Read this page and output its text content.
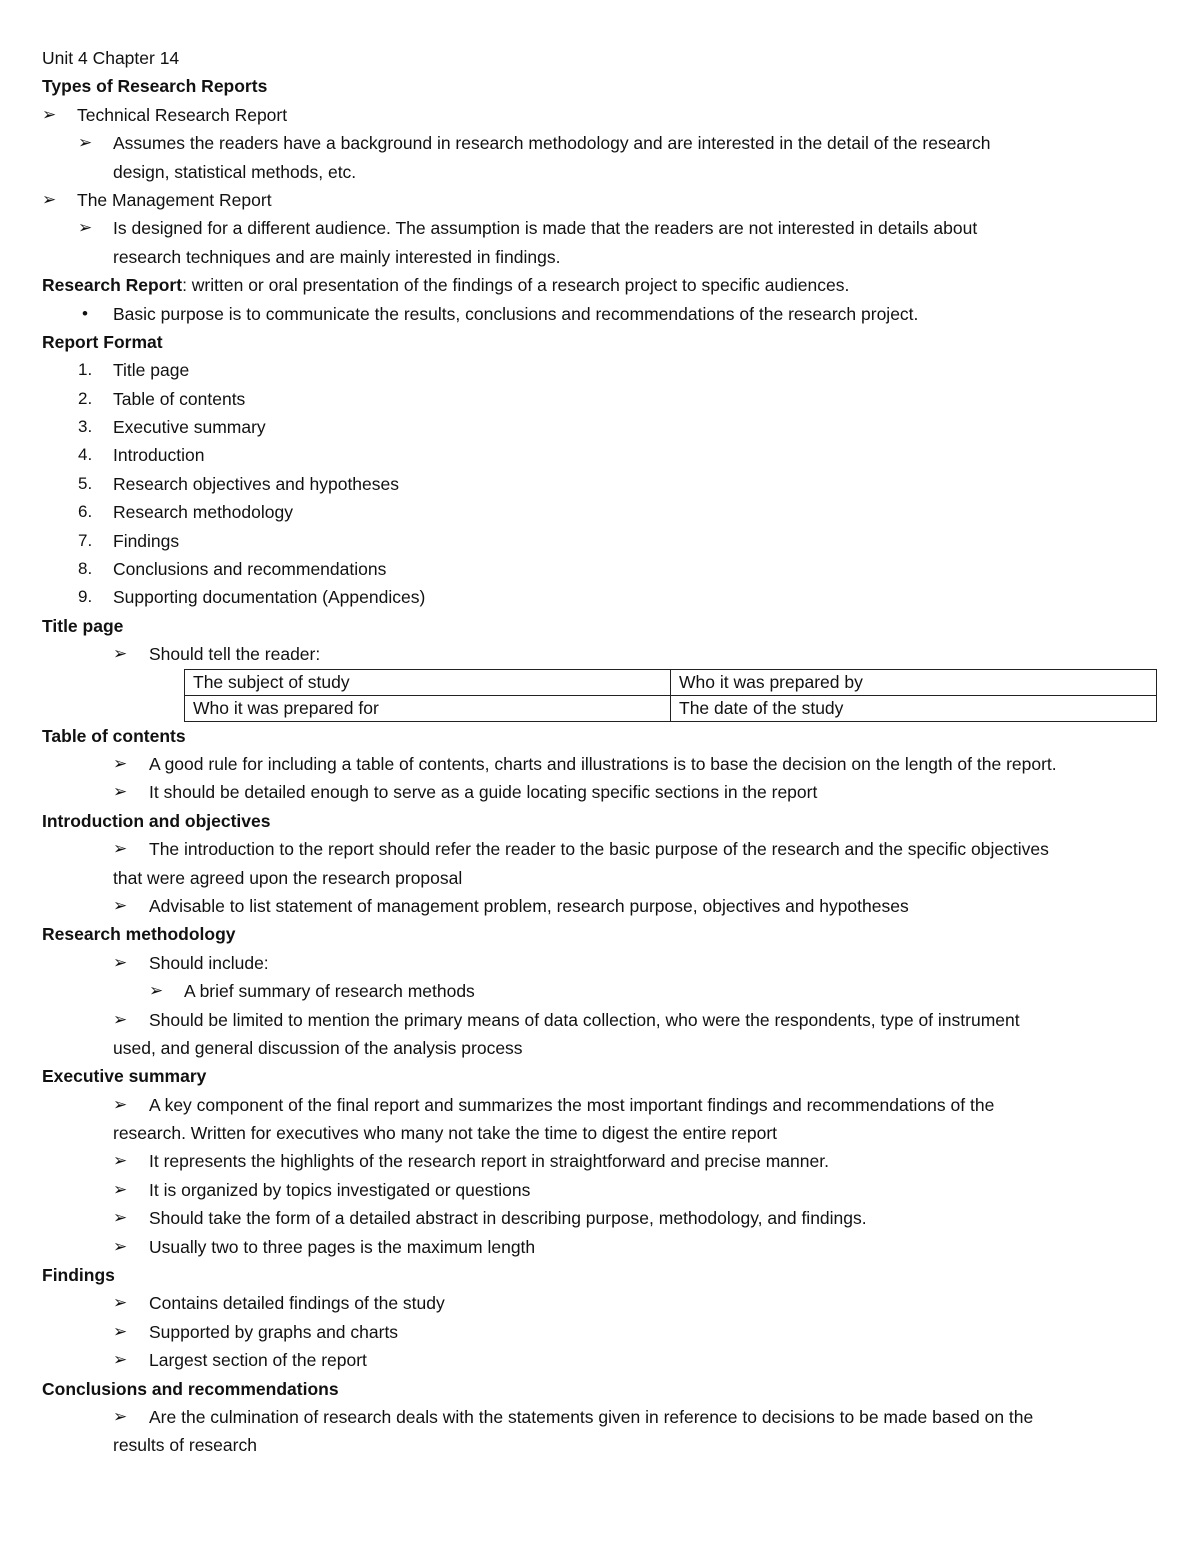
Unit 4 Chapter 14
Types of Research Reports
➢	Technical Research Report
➢	Assumes the readers have a background in research methodology and are interested in the detail of the research
design, statistical methods, etc.
➢	The Management Report
➢	Is designed for a different audience. The assumption is made that the readers are not interested in details about
research techniques and are mainly interested in findings.
Research Report: written or oral presentation of the findings of a research project to specific audiences.
•	Basic purpose is to communicate the results, conclusions and recommendations of the research project.
Report Format
1.	Title page
2.	Table of contents
3.	Executive summary
4.	Introduction
5.	Research objectives and hypotheses
6.	Research methodology
7.	Findings
8.	Conclusions and recommendations
9.	Supporting documentation (Appendices)
Title page
➢	Should tell the reader:
The subject of study	Who it was prepared by
Who it was prepared for	The date of the study
Table of contents
➢	A good rule for including a table of contents, charts and illustrations is to base the decision on the length of the report.
➢	It should be detailed enough to serve as a guide locating specific sections in the report
Introduction and objectives
➢	The introduction to the report should refer the reader to the basic purpose of the research and the specific objectives
that were agreed upon the research proposal
➢	Advisable to list statement of management problem, research purpose, objectives and hypotheses
Research methodology
➢	Should include:
➢	A brief summary of research methods
➢	Should be limited to mention the primary means of data collection, who were the respondents, type of instrument
used, and general discussion of the analysis process
Executive summary
➢	A key component of the final report and summarizes the most important findings and recommendations of the
research. Written for executives who many not take the time to digest the entire report
➢	It represents the highlights of the research report in straightforward and precise manner.
➢	It is organized by topics investigated or questions
➢	Should take the form of a detailed abstract in describing purpose, methodology, and findings.
➢	Usually two to three pages is the maximum length
Findings
➢	Contains detailed findings of the study
➢	Supported by graphs and charts
➢	Largest section of the report
Conclusions and recommendations
➢	Are the culmination of research deals with the statements given in reference to decisions to be made based on the
results of research
